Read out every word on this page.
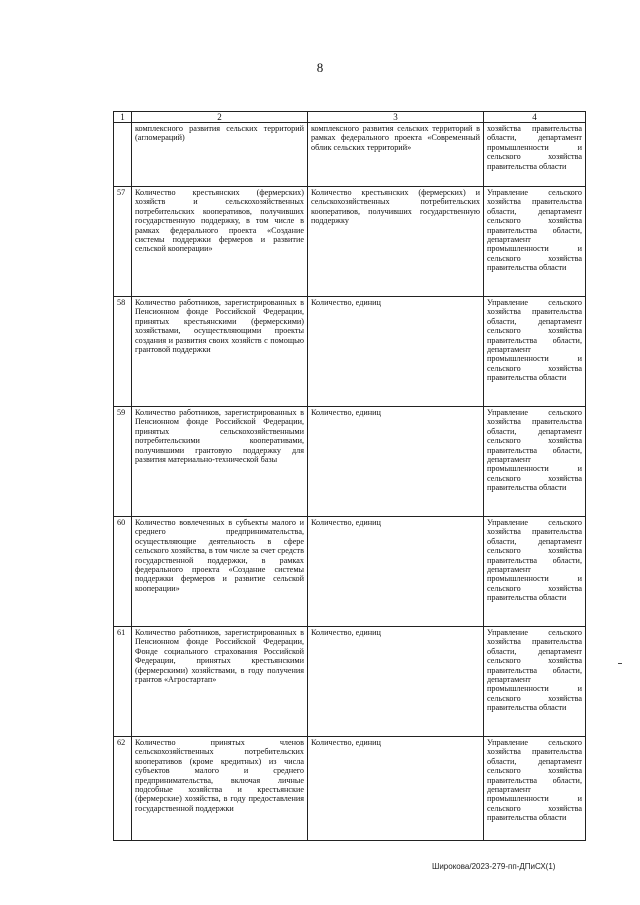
8
1	2	3	4
	комплексного развития сельских территорий (агломераций)	комплексного развития сельских территорий в рамках федерального проекта «Современный облик сельских территорий»	хозяйства правительства области, департамент промышленности и сельского хозяйства правительства области
57	Количество крестьянских (фермерских) хозяйств и сельскохозяйственных потребительских кооперативов, получивших государственную поддержку, в том числе в рамках федерального проекта «Создание системы поддержки фермеров и развитие сельской кооперации»	Количество крестьянских (фермерских) и сельскохозяйственных потребительских кооперативов, получивших государственную поддержку	Управление сельского хозяйства правительства области, департамент сельского хозяйства правительства области, департамент промышленности и сельского хозяйства правительства области
58	Количество работников, зарегистрированных в Пенсионном фонде Российской Федерации, принятых крестьянскими (фермерскими) хозяйствами, осуществляющими проекты создания и развития своих хозяйств с помощью грантовой поддержки	Количество, единиц	Управление сельского хозяйства правительства области, департамент сельского хозяйства правительства области, департамент промышленности и сельского хозяйства правительства области
59	Количество работников, зарегистрированных в Пенсионном фонде Российской Федерации, принятых сельскохозяйственными потребительскими кооперативами, получившими грантовую поддержку для развития материально-технической базы	Количество, единиц	Управление сельского хозяйства правительства области, департамент сельского хозяйства правительства области, департамент промышленности и сельского хозяйства правительства области
60	Количество вовлеченных в субъекты малого и среднего предпринимательства, осуществляющие деятельность в сфере сельского хозяйства, в том числе за счет средств государственной поддержки, в рамках федерального проекта «Создание системы поддержки фермеров и развитие сельской кооперации»	Количество, единиц	Управление сельского хозяйства правительства области, департамент сельского хозяйства правительства области, департамент промышленности и сельского хозяйства правительства области
61	Количество работников, зарегистрированных в Пенсионном фонде Российской Федерации, Фонде социального страхования Российской Федерации, принятых крестьянскими (фермерскими) хозяйствами, в году получения грантов «Агростартап»	Количество, единиц	Управление сельского хозяйства правительства области, департамент сельского хозяйства правительства области, департамент промышленности и сельского хозяйства правительства области
62	Количество принятых членов сельскохозяйственных потребительских кооперативов (кроме кредитных) из числа субъектов малого и среднего предпринимательства, включая личные подсобные хозяйства и крестьянские (фермерские) хозяйства, в году предоставления государственной поддержки	Количество, единиц	Управление сельского хозяйства правительства области, департамент сельского хозяйства правительства области, департамент промышленности и сельского хозяйства правительства области
Широкова/2023-279-пп-ДПиСХ(1)
